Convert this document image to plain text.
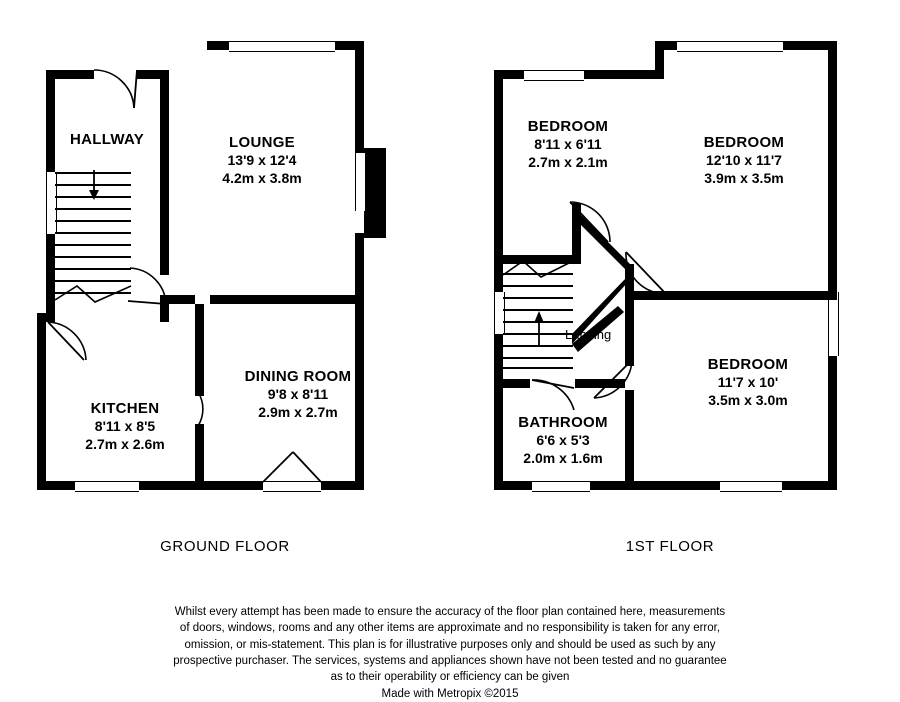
HALLWAY	LOUNGE
13'9 x 12'4
4.2m x 3.8m
KITCHEN
8'11 x 8'5
2.7m x 2.6m
DINING ROOM
9'8 x 8'11
2.9m x 2.7m
GROUND FLOOR
BEDROOM
8'11 x 6'11
2.7m x 2.1m
BEDROOM
12'10 x 11'7
3.9m x 3.5m
BEDROOM
11'7 x 10'
3.5m x 3.0m
BATHROOM
6'6 x 5'3
2.0m x 1.6m
Landing
1ST FLOOR
Whilst every attempt has been made to ensure the accuracy of the floor plan contained here, measurements
of doors, windows, rooms and any other items are approximate and no responsibility is taken for any error,
omission, or mis-statement. This plan is for illustrative purposes only and should be used as such by any
prospective purchaser. The services, systems and appliances shown have not been tested and no guarantee
as to their operability or efficiency can be given
Made with Metropix ©2015
